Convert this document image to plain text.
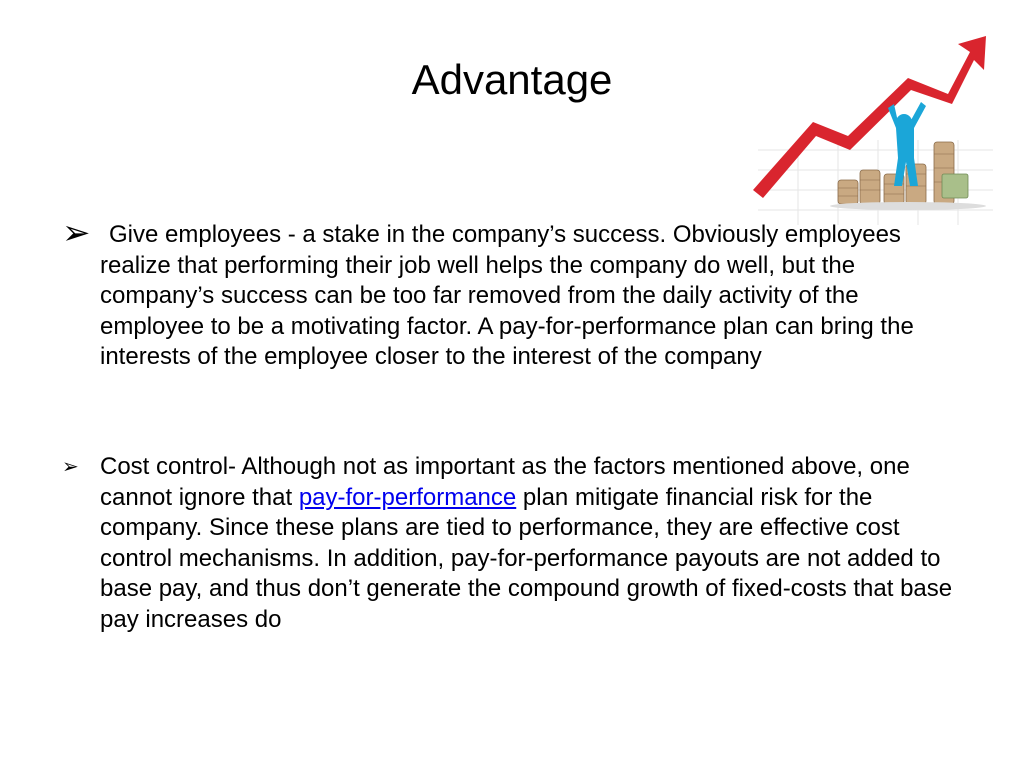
Advantage
➢ Give employees - a stake in the company’s success. Obviously employees realize that performing their job well helps the company do well, but the company’s success can be too far removed from the daily activity of the employee to be a motivating factor. A pay-for-performance plan can bring the interests of the employee closer to the interest of the company
➢ Cost control- Although not as important as the factors mentioned above, one cannot ignore that pay-for-performance plan mitigate financial risk for the company. Since these plans are tied to performance, they are effective cost control mechanisms. In addition, pay-for-performance payouts are not added to base pay, and thus don’t generate the compound growth of fixed-costs that base pay increases do
